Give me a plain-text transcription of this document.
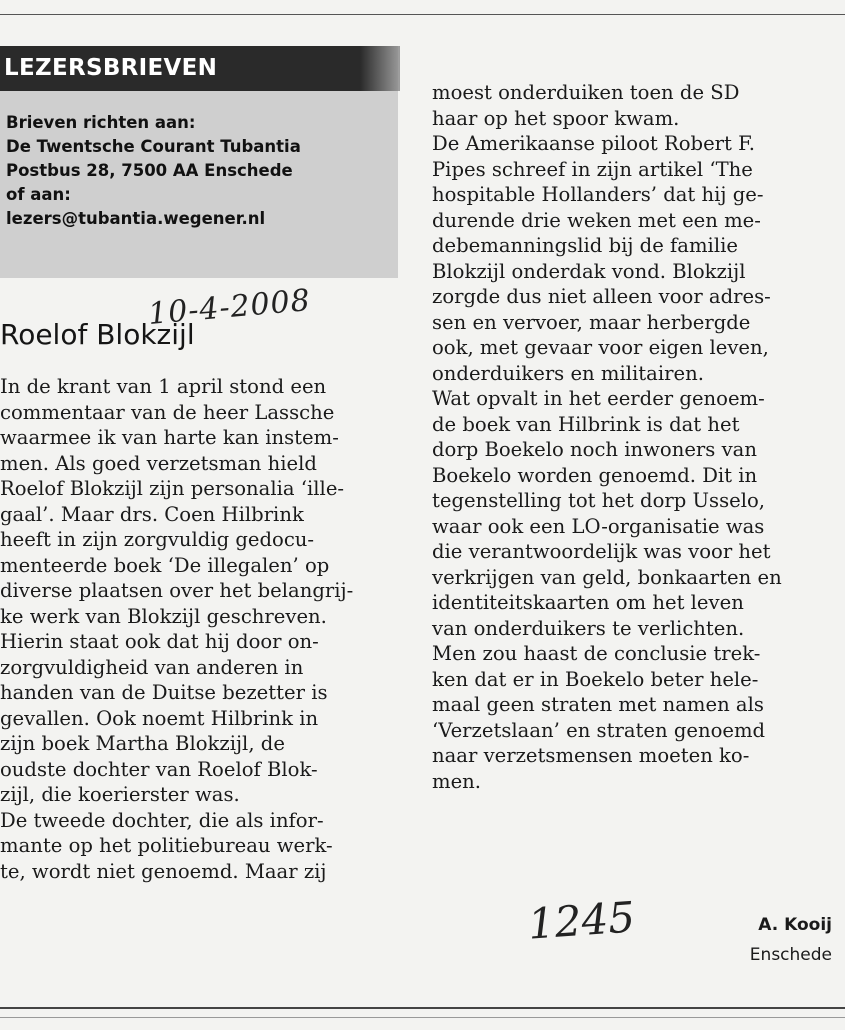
LEZERSBRIEVEN
Brieven richten aan:
De Twentsche Courant Tubantia
Postbus 28, 7500 AA Enschede
of aan:
lezers@tubantia.wegener.nl
10-4-2008
Roelof Blokzijl
In de krant van 1 april stond een
commentaar van de heer Lassche
waarmee ik van harte kan instem-
men. Als goed verzetsman hield
Roelof Blokzijl zijn personalia ‘ille-
gaal’. Maar drs. Coen Hilbrink
heeft in zijn zorgvuldig gedocu-
menteerde boek ‘De illegalen’ op
diverse plaatsen over het belangrij-
ke werk van Blokzijl geschreven.
Hierin staat ook dat hij door on-
zorgvuldigheid van anderen in
handen van de Duitse bezetter is
gevallen. Ook noemt Hilbrink in
zijn boek Martha Blokzijl, de
oudste dochter van Roelof Blok-
zijl, die koerierster was.
De tweede dochter, die als infor-
mante op het politiebureau werk-
te, wordt niet genoemd. Maar zij
moest onderduiken toen de SD
haar op het spoor kwam.
De Amerikaanse piloot Robert F.
Pipes schreef in zijn artikel ‘The
hospitable Hollanders’ dat hij ge-
durende drie weken met een me-
debemanningslid bij de familie
Blokzijl onderdak vond. Blokzijl
zorgde dus niet alleen voor adres-
sen en vervoer, maar herbergde
ook, met gevaar voor eigen leven,
onderduikers en militairen.
Wat opvalt in het eerder genoem-
de boek van Hilbrink is dat het
dorp Boekelo noch inwoners van
Boekelo worden genoemd. Dit in
tegenstelling tot het dorp Usselo,
waar ook een LO-organisatie was
die verantwoordelijk was voor het
verkrijgen van geld, bonkaarten en
identiteitskaarten om het leven
van onderduikers te verlichten.
Men zou haast de conclusie trek-
ken dat er in Boekelo beter hele-
maal geen straten met namen als
‘Verzetslaan’ en straten genoemd
naar verzetsmensen moeten ko-
men.
1245	A. Kooij
Enschede
